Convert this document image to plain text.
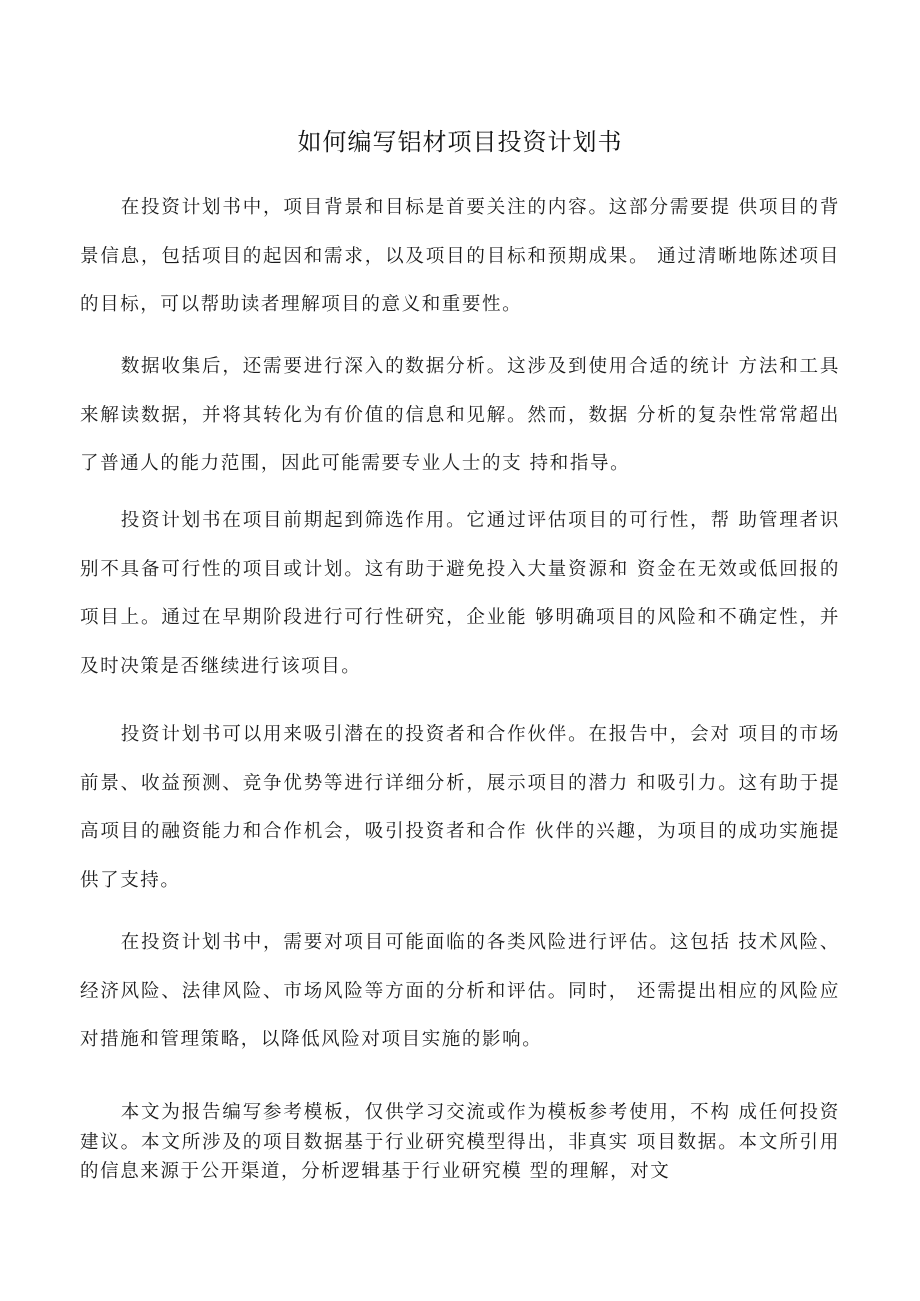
如何编写铝材项目投资计划书

在投资计划书中，项目背景和目标是首要关注的内容。这部分需要提 供项目的背景信息，包括项目的起因和需求，以及项目的目标和预期成果。 通过清晰地陈述项目的目标，可以帮助读者理解项目的意义和重要性。

数据收集后，还需要进行深入的数据分析。这涉及到使用合适的统计 方法和工具来解读数据，并将其转化为有价值的信息和见解。然而，数据 分析的复杂性常常超出了普通人的能力范围，因此可能需要专业人士的支 持和指导。

投资计划书在项目前期起到筛选作用。它通过评估项目的可行性，帮 助管理者识别不具备可行性的项目或计划。这有助于避免投入大量资源和 资金在无效或低回报的项目上。通过在早期阶段进行可行性研究，企业能 够明确项目的风险和不确定性，并及时决策是否继续进行该项目。

投资计划书可以用来吸引潜在的投资者和合作伙伴。在报告中，会对 项目的市场前景、收益预测、竞争优势等进行详细分析，展示项目的潜力 和吸引力。这有助于提高项目的融资能力和合作机会，吸引投资者和合作 伙伴的兴趣，为项目的成功实施提供了支持。

在投资计划书中，需要对项目可能面临的各类风险进行评估。这包括 技术风险、经济风险、法律风险、市场风险等方面的分析和评估。同时， 还需提出相应的风险应对措施和管理策略，以降低风险对项目实施的影响。

本文为报告编写参考模板，仅供学习交流或作为模板参考使用，不构 成任何投资建议。本文所涉及的项目数据基于行业研究模型得出，非真实 项目数据。本文所引用的信息来源于公开渠道，分析逻辑基于行业研究模 型的理解，对文
